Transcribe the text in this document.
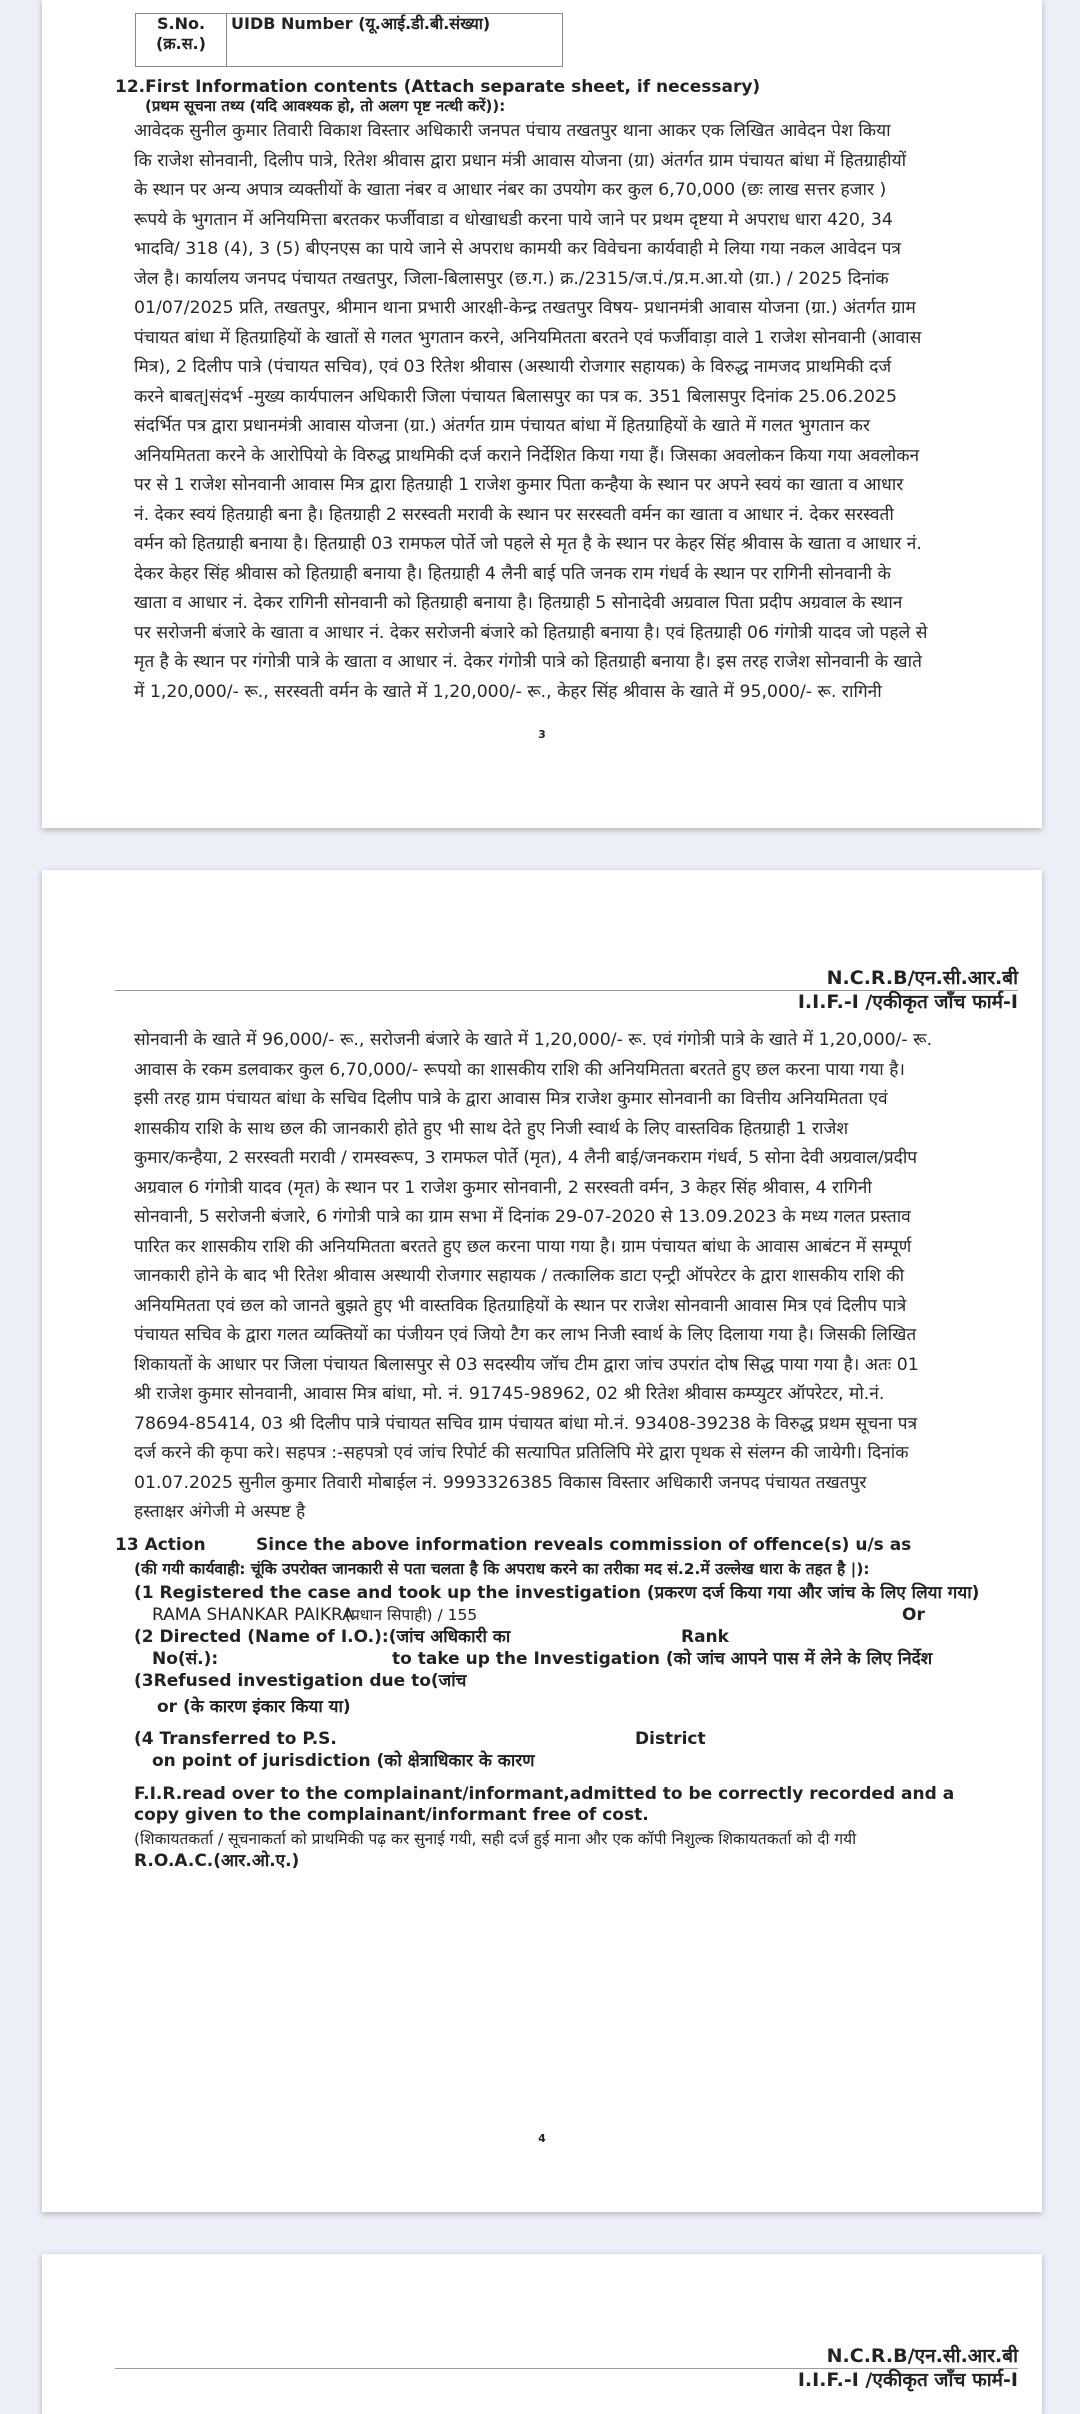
S.No.
(क्र.स.)	UIDB Number (यू.आई.डी.बी.संख्या)
12.First Information contents (Attach separate sheet, if necessary)
(प्रथम सूचना तथ्य (यदि आवश्यक हो, तो अलग पृष्ट नत्थी करें)):
आवेदक सुनील कुमार तिवारी विकाश विस्तार अधिकारी जनपत पंचाय तखतपुर थाना आकर एक लिखित आवेदन पेश किया
कि राजेश सोनवानी, दिलीप पात्रे, रितेश श्रीवास द्वारा प्रधान मंत्री आवास योजना (ग्रा) अंतर्गत ग्राम पंचायत बांधा में हितग्राहीयों
के स्थान पर अन्य अपात्र व्यक्तीयों के खाता नंबर व आधार नंबर का उपयोग कर कुल 6,70,000 (छः लाख सत्तर हजार )
रूपये के भुगतान में अनियमित्ता बरतकर फर्जीवाडा व धोखाधडी करना पाये जाने पर प्रथम दृष्टया मे अपराध धारा 420, 34
भादवि/ 318 (4), 3 (5) बीएनएस का पाये जाने से अपराध कामयी कर विवेचना कार्यवाही मे लिया गया नकल आवेदन पत्र
जेल है। कार्यालय जनपद पंचायत तखतपुर, जिला-बिलासपुर (छ.ग.) क्र./2315/ज.पं./प्र.म.आ.यो (ग्रा.) / 2025 दिनांक
01/07/2025 प्रति, तखतपुर, श्रीमान थाना प्रभारी आरक्षी-केन्द्र तखतपुर विषय- प्रधानमंत्री आवास योजना (ग्रा.) अंतर्गत ग्राम
पंचायत बांधा में हितग्राहियों के खातों से गलत भुगतान करने, अनियमितता बरतने एवं फर्जीवाड़ा वाले 1 राजेश सोनवानी (आवास
मित्र), 2 दिलीप पात्रे (पंचायत सचिव), एवं 03 रितेश श्रीवास (अस्थायी रोजगार सहायक) के विरुद्ध नामजद प्राथमिकी दर्ज
करने बाबत्|संदर्भ -मुख्य कार्यपालन अधिकारी जिला पंचायत बिलासपुर का पत्र क. 351 बिलासपुर दिनांक 25.06.2025
संदर्भित पत्र द्वारा प्रधानमंत्री आवास योजना (ग्रा.) अंतर्गत ग्राम पंचायत बांधा में हितग्राहियों के खाते में गलत भुगतान कर
अनियमितता करने के आरोपियो के विरुद्ध प्राथमिकी दर्ज कराने निर्देशित किया गया हैं। जिसका अवलोकन किया गया अवलोकन
पर से 1 राजेश सोनवानी आवास मित्र द्वारा हितग्राही 1 राजेश कुमार पिता कन्हैया के स्थान पर अपने स्वयं का खाता व आधार
नं. देकर स्वयं हितग्राही बना है। हितग्राही 2 सरस्वती मरावी के स्थान पर सरस्वती वर्मन का खाता व आधार नं. देकर सरस्वती
वर्मन को हितग्राही बनाया है। हितग्राही 03 रामफल पोर्ते जो पहले से मृत है के स्थान पर केहर सिंह श्रीवास के खाता व आधार नं.
देकर केहर सिंह श्रीवास को हितग्राही बनाया है। हितग्राही 4 लैनी बाई पति जनक राम गंधर्व के स्थान पर रागिनी सोनवानी के
खाता व आधार नं. देकर रागिनी सोनवानी को हितग्राही बनाया है। हितग्राही 5 सोनादेवी अग्रवाल पिता प्रदीप अग्रवाल के स्थान
पर सरोजनी बंजारे के खाता व आधार नं. देकर सरोजनी बंजारे को हितग्राही बनाया है। एवं हितग्राही 06 गंगोत्री यादव जो पहले से
मृत है के स्थान पर गंगोत्री पात्रे के खाता व आधार नं. देकर गंगोत्री पात्रे को हितग्राही बनाया है। इस तरह राजेश सोनवानी के खाते
में 1,20,000/- रू., सरस्वती वर्मन के खाते में 1,20,000/- रू., केहर सिंह श्रीवास के खाते में 95,000/- रू. रागिनी
3
N.C.R.B/एन.सी.आर.बी
I.I.F.-I /एकीकृत जाँच फार्म-I
सोनवानी के खाते में 96,000/- रू., सरोजनी बंजारे के खाते में 1,20,000/- रू. एवं गंगोत्री पात्रे के खाते में 1,20,000/- रू.
आवास के रकम डलवाकर कुल 6,70,000/- रूपयो का शासकीय राशि की अनियमितता बरतते हुए छल करना पाया गया है।
इसी तरह ग्राम पंचायत बांधा के सचिव दिलीप पात्रे के द्वारा आवास मित्र राजेश कुमार सोनवानी का वित्तीय अनियमितता एवं
शासकीय राशि के साथ छल की जानकारी होते हुए भी साथ देते हुए निजी स्वार्थ के लिए वास्तविक हितग्राही 1 राजेश
कुमार/कन्हैया, 2 सरस्वती मरावी / रामस्वरूप, 3 रामफल पोर्ते (मृत), 4 लैनी बाई/जनकराम गंधर्व, 5 सोना देवी अग्रवाल/प्रदीप
अग्रवाल 6 गंगोत्री यादव (मृत) के स्थान पर 1 राजेश कुमार सोनवानी, 2 सरस्वती वर्मन, 3 केहर सिंह श्रीवास, 4 रागिनी
सोनवानी, 5 सरोजनी बंजारे, 6 गंगोत्री पात्रे का ग्राम सभा में दिनांक 29-07-2020 से 13.09.2023 के मध्य गलत प्रस्ताव
पारित कर शासकीय राशि की अनियमितता बरतते हुए छल करना पाया गया है। ग्राम पंचायत बांधा के आवास आबंटन में सम्पूर्ण
जानकारी होने के बाद भी रितेश श्रीवास अस्थायी रोजगार सहायक / तत्कालिक डाटा एन्ट्री ऑपरेटर के द्वारा शासकीय राशि की
अनियमितता एवं छल को जानते बुझते हुए भी वास्तविक हितग्राहियों के स्थान पर राजेश सोनवानी आवास मित्र एवं दिलीप पात्रे
पंचायत सचिव के द्वारा गलत व्यक्तियों का पंजीयन एवं जियो टैग कर लाभ निजी स्वार्थ के लिए दिलाया गया है। जिसकी लिखित
शिकायतों के आधार पर जिला पंचायत बिलासपुर से 03 सदस्यीय जॉच टीम द्वारा जांच उपरांत दोष सिद्ध पाया गया है। अतः 01
श्री राजेश कुमार सोनवानी, आवास मित्र बांधा, मो. नं. 91745-98962, 02 श्री रितेश श्रीवास कम्प्युटर ऑपरेटर, मो.नं.
78694-85414, 03 श्री दिलीप पात्रे पंचायत सचिव ग्राम पंचायत बांधा मो.नं. 93408-39238 के विरुद्ध प्रथम सूचना पत्र
दर्ज करने की कृपा करे। सहपत्र :-सहपत्रो एवं जांच रिपोर्ट की सत्यापित प्रतिलिपि मेरे द्वारा पृथक से संलग्न की जायेगी। दिनांक
01.07.2025 सुनील कुमार तिवारी मोबाईल नं. 9993326385 विकास विस्तार अधिकारी जनपद पंचायत तखतपुर
हस्ताक्षर अंगेजी मे अस्पष्ट है
13 Action	Since the above information reveals commission of offence(s) u/s as
(की गयी कार्यवाही: चूंकि उपरोक्त जानकारी से पता चलता है कि अपराध करने का तरीका मद सं.2.में उल्लेख धारा के तहत है |):
(1 Registered the case and took up the investigation (प्रकरण दर्ज किया गया और जांच के लिए लिया गया)
RAMA SHANKAR PAIKRA
(प्रधान सिपाही) / 155	Or
(2 Directed (Name of I.O.):(जांच अधिकारी का	Rank
No(सं.):	to take up the Investigation (को जांच आपने पास में लेने के लिए निर्देश
(3Refused investigation due to(जांच
or (के कारण इंकार किया या)
(4 Transferred to P.S.	District
on point of jurisdiction (को क्षेत्राधिकार के कारण
F.I.R.read over to the complainant/informant,admitted to be correctly recorded and a
copy given to the complainant/informant free of cost.
(शिकायतकर्ता / सूचनाकर्ता को प्राथमिकी पढ़ कर सुनाई गयी, सही दर्ज हुई माना और एक कॉपी निशुल्क शिकायतकर्ता को दी गयी
R.O.A.C.(आर.ओ.ए.)
4
N.C.R.B/एन.सी.आर.बी
I.I.F.-I /एकीकृत जाँच फार्म-I
